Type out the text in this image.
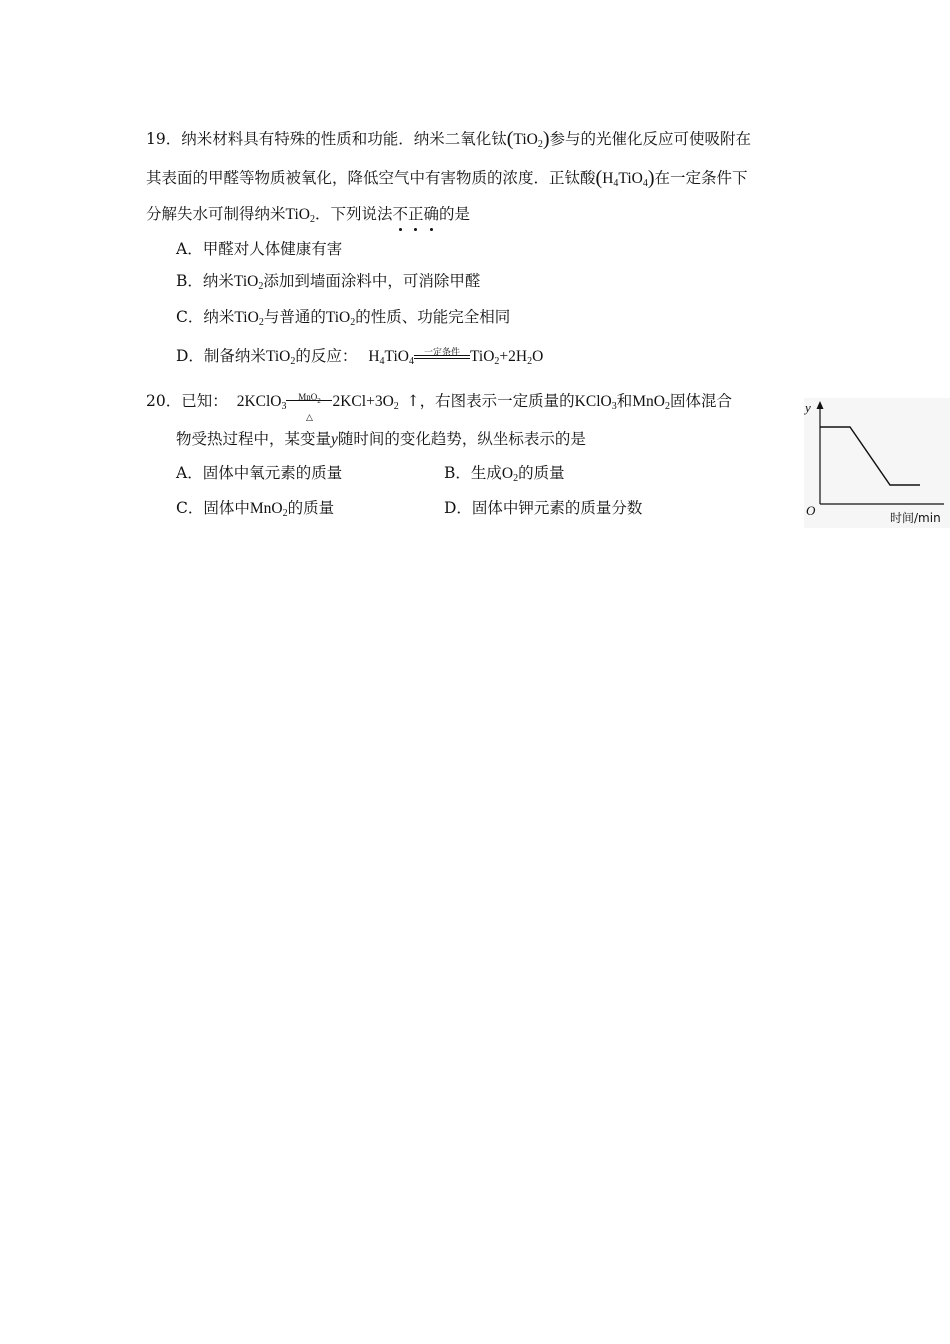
19．纳米材料具有特殊的性质和功能．纳米二氧化钛(TiO$_2$)参与的光催化反应可使吸附在
其表面的甲醛等物质被氧化，降低空气中有害物质的浓度．正钛酸$(H_4TiO_4)$在一定条件下
分解失水可制得纳米TiO$_2$．下列说法不正确的是
A．甲醛对人体健康有害
B．纳米TiO$_2$添加到墙面涂料中，可消除甲醛
C．纳米TiO$_2$与普通的TiO$_2$的性质、功能完全相同
D．制备纳米TiO$_2$的反应： $H_4TiO_4$
一定条件 $TiO_2+2H_2O$
20．已知： 2KClO$_3$
MnO$_2$
△
$2KCl+3O_2$ ↑，右图表示一定质量的KClO$_3$和MnO$_2$固体混合
物受热过程中，某变量y随时间的变化趋势，纵坐标表示的是
A．固体中氧元素的质量	B．生成$O_2$的质量
C．固体中MnO$_2$的质量	D．固体中钾元素的质量分数
y
O	时间/min
